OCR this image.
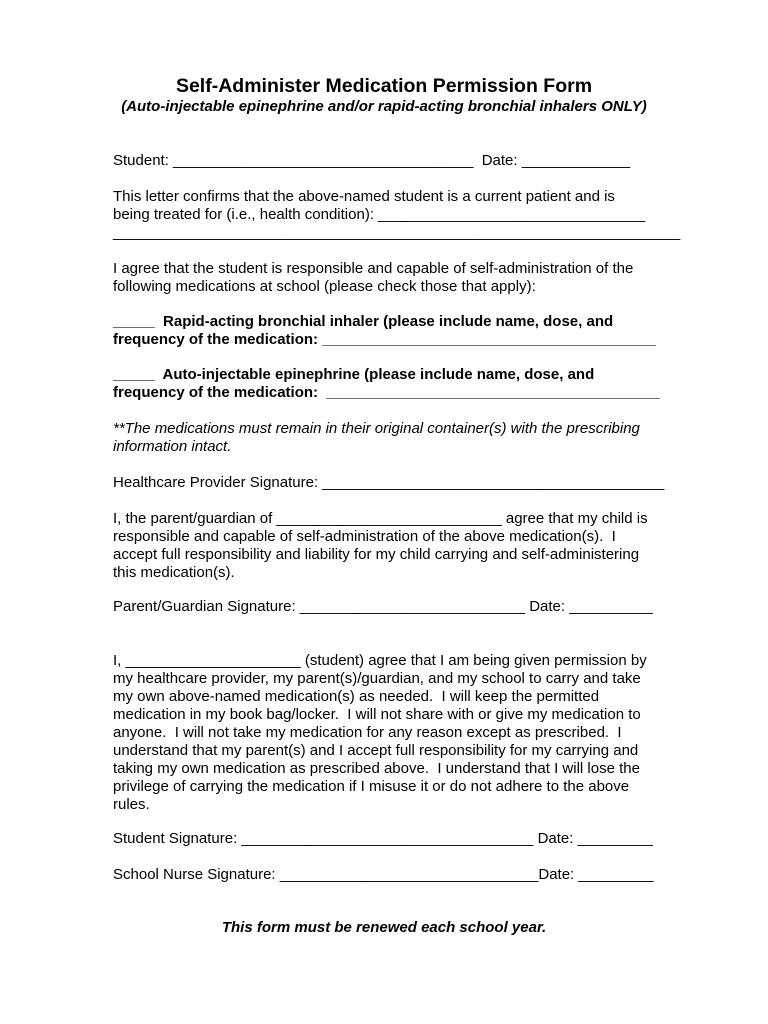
Self-Administer Medication Permission Form

(Auto-injectable epinephrine and/or rapid-acting bronchial inhalers ONLY)

Student: ____________________________________  Date: _____________

This letter confirms that the above-named student is a current patient and is

being treated for (i.e., health condition): ________________________________

____________________________________________________________________

I agree that the student is responsible and capable of self-administration of the

following medications at school (please check those that apply):

_____  Rapid-acting bronchial inhaler (please include name, dose, and

frequency of the medication: ________________________________________

_____  Auto-injectable epinephrine (please include name, dose, and

frequency of the medication:  ________________________________________

**The medications must remain in their original container(s) with the prescribing

information intact.

Healthcare Provider Signature: _________________________________________

I, the parent/guardian of ___________________________ agree that my child is

responsible and capable of self-administration of the above medication(s).  I

accept full responsibility and liability for my child carrying and self-administering

this medication(s).

Parent/Guardian Signature: ___________________________ Date: __________

I, _____________________ (student) agree that I am being given permission by

my healthcare provider, my parent(s)/guardian, and my school to carry and take

my own above-named medication(s) as needed.  I will keep the permitted

medication in my book bag/locker.  I will not share with or give my medication to

anyone.  I will not take my medication for any reason except as prescribed.  I

understand that my parent(s) and I accept full responsibility for my carrying and

taking my own medication as prescribed above.  I understand that I will lose the

privilege of carrying the medication if I misuse it or do not adhere to the above

rules.

Student Signature: ___________________________________ Date: _________

School Nurse Signature: _______________________________Date: _________

This form must be renewed each school year.
